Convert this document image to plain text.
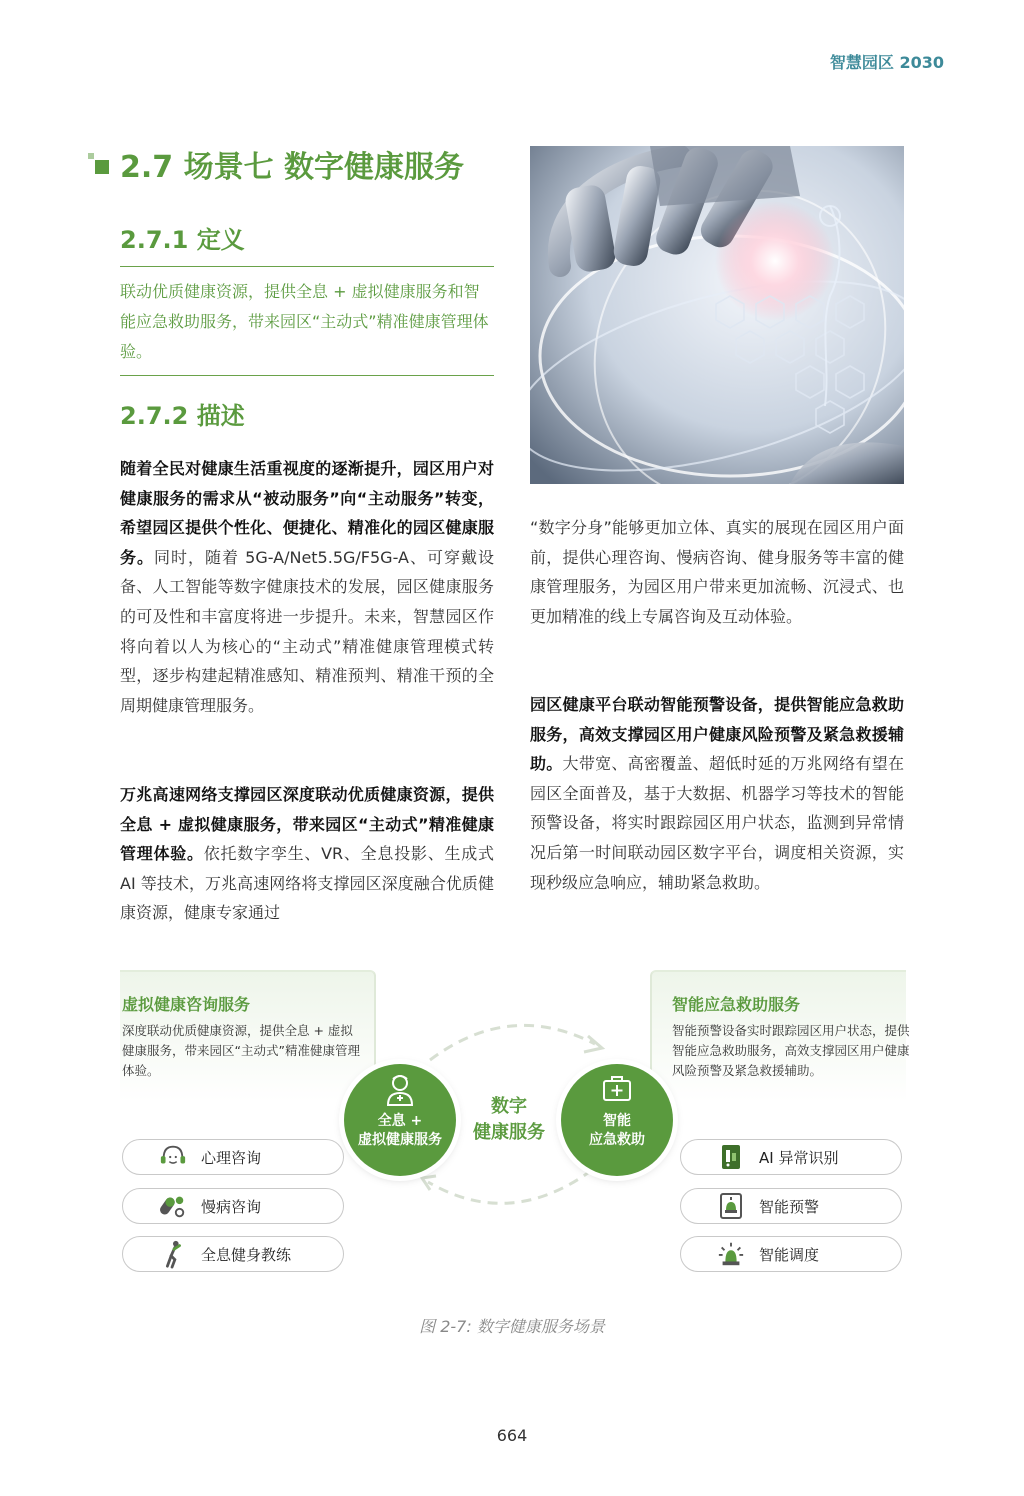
智慧园区 2030
2.7 场景七 数字健康服务
2.7.1 定义

联动优质健康资源，提供全息 + 虚拟健康服务和智能应急救助服务，带来园区“主动式”精准健康管理体验。

2.7.2 描述

随着全民对健康生活重视度的逐渐提升，园区用户对健康服务的需求从“被动服务”向“主动服务”转变，希望园区提供个性化、便捷化、精准化的园区健康服务。同时，随着 5G-A/Net5.5G/F5G-A、可穿戴设备、人工智能等数字健康技术的发展，园区健康服务的可及性和丰富度将进一步提升。未来，智慧园区作将向着以人为核心的“主动式”精准健康管理模式转型，逐步构建起精准感知、精准预判、精准干预的全周期健康管理服务。

万兆高速网络支撑园区深度联动优质健康资源，提供全息 + 虚拟健康服务，带来园区“主动式”精准健康管理体验。依托数字孪生、VR、全息投影、生成式 AI 等技术，万兆高速网络将支撑园区深度融合优质健康资源，健康专家通过

“数字分身”能够更加立体、真实的展现在园区用户面前，提供心理咨询、慢病咨询、健身服务等丰富的健康管理服务，为园区用户带来更加流畅、沉浸式、也更加精准的线上专属咨询及互动体验。

园区健康平台联动智能预警设备，提供智能应急救助服务，高效支撑园区用户健康风险预警及紧急救援辅助。大带宽、高密覆盖、超低时延的万兆网络有望在园区全面普及，基于大数据、机器学习等技术的智能预警设备，将实时跟踪园区用户状态，监测到异常情况后第一时间联动园区数字平台，调度相关资源，实现秒级应急响应，辅助紧急救助。

虚拟健康咨询服务

深度联动优质健康资源，提供全息 + 虚拟健康服务，带来园区“主动式”精准健康管理体验。

智能应急救助服务

智能预警设备实时跟踪园区用户状态，提供智能应急救助服务，高效支撑园区用户健康风险预警及紧急救援辅助。

全息 +
虚拟健康服务
数字
健康服务
智能
应急救助
心理咨询
慢病咨询
全息健身教练
AI 异常识别
智能预警
智能调度
图 2-7: 数字健康服务场景
664
